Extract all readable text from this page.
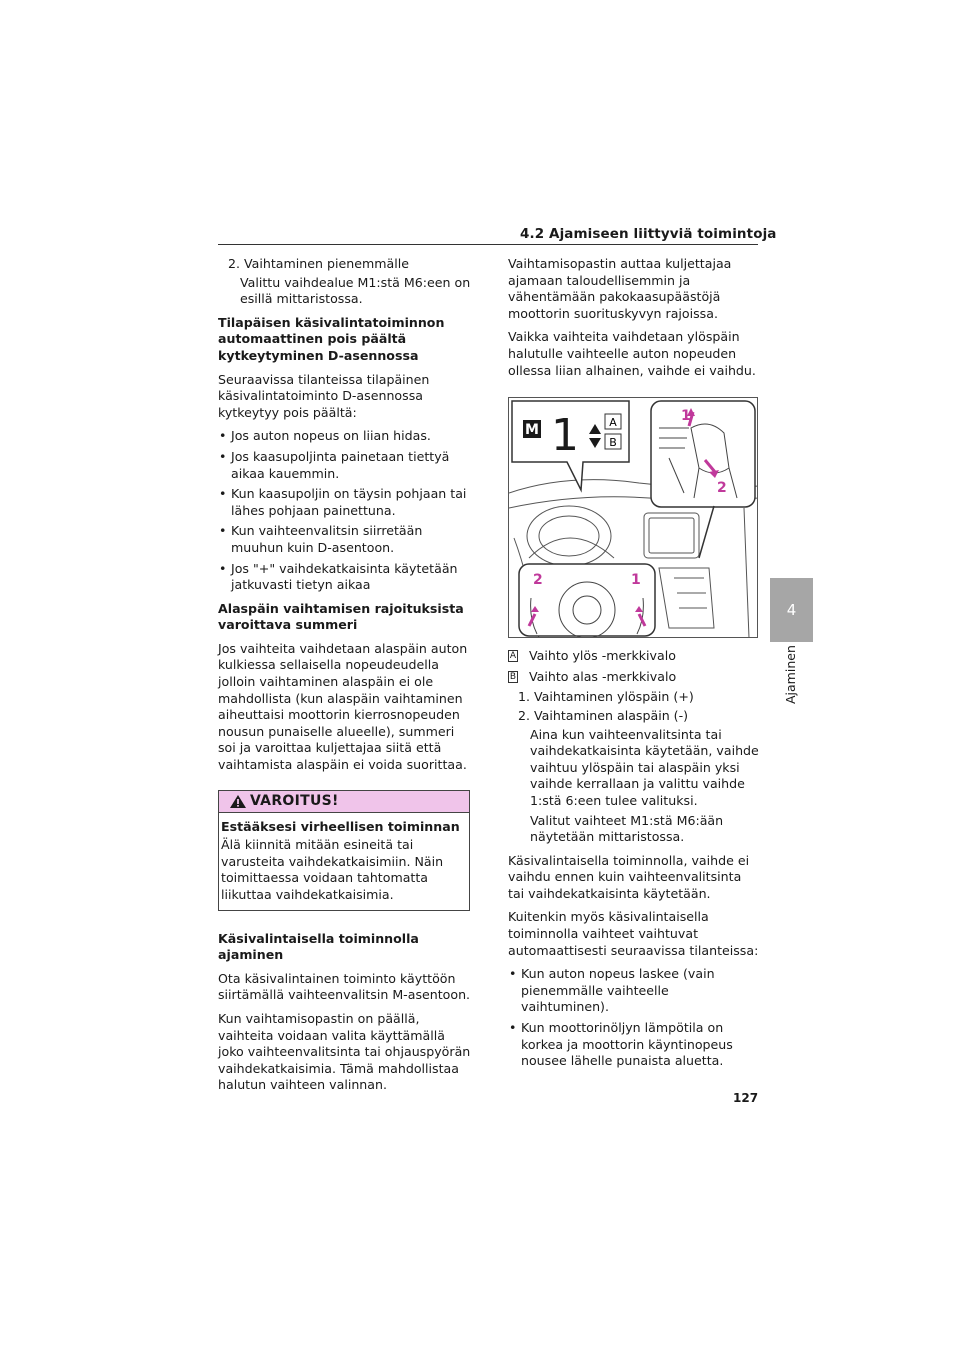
4.2 Ajamiseen liittyviä toimintoja
4
Ajaminen

2. Vaihtaminen pienemmälle

Valittu vaihdealue M1:stä M6:een on esillä mittaristossa.

Tilapäisen käsivalintatoiminnon automaattinen pois päältä kytkeytyminen D-asennossa

Seuraavissa tilanteissa tilapäinen käsivalintatoiminto D-asennossa kytkeytyy pois päältä:

• Jos auton nopeus on liian hidas.
• Jos kaasupoljinta painetaan tiettyä aikaa kauemmin.
• Kun kaasupoljin on täysin pohjaan tai lähes pohjaan painettuna.
• Kun vaihteenvalitsin siirretään muuhun kuin D-asentoon.
• Jos "+" vaihdekatkaisinta käytetään jatkuvasti tietyn aikaa

Alaspäin vaihtamisen rajoituksista varoittava summeri

Jos vaihteita vaihdetaan alaspäin auton kulkiessa sellaisella nopeudeudella jolloin vaihtaminen alaspäin ei ole mahdollista (kun alaspäin vaihtaminen aiheuttaisi moottorin kierrosnopeuden nousun punaiselle alueelle), summeri soi ja varoittaa kuljettajaa siitä että vaihtamista alaspäin ei voida suorittaa.

VAROITUS!

Estääksesi virheellisen toiminnan

Älä kiinnitä mitään esineitä tai varusteita vaihdekatkaisimiin. Näin toimittaessa voidaan tahtomatta liikuttaa vaihdekatkaisimia.

Käsivalintaisella toiminnolla ajaminen

Ota käsivalintainen toiminto käyttöön siirtämällä vaihteenvalitsin M-asentoon.

Kun vaihtamisopastin on päällä, vaihteita voidaan valita käyttämällä joko vaihteenvalitsinta tai ohjauspyörän vaihdekatkaisimia. Tämä mahdollistaa halutun vaihteen valinnan.

Vaihtamisopastin auttaa kuljettajaa ajamaan taloudellisemmin ja vähentämään pakokaasupäästöjä moottorin suorituskyvyn rajoissa.

Vaikka vaihteita vaihdetaan ylöspäin halutulle vaihteelle auton nopeuden ollessa liian alhainen, vaihde ei vaihdu.

M 1	A
B
1
2
2	1
A Vaihto ylös -merkkivalo
B Vaihto alas -merkkivalo

1. Vaihtaminen ylöspäin (+)

2. Vaihtaminen alaspäin (-)

Aina kun vaihteenvalitsinta tai vaihdekatkaisinta käytetään, vaihde vaihtuu ylöspäin tai alaspäin yksi vaihde kerrallaan ja valittu vaihde 1:stä 6:een tulee valituksi.

Valitut vaihteet M1:stä M6:ään näytetään mittaristossa.

Käsivalintaisella toiminnolla, vaihde ei vaihdu ennen kuin vaihteenvalitsinta tai vaihdekatkaisinta käytetään.

Kuitenkin myös käsivalintaisella toiminnolla vaihteet vaihtuvat automaattisesti seuraavissa tilanteissa:

• Kun auton nopeus laskee (vain pienemmälle vaihteelle vaihtuminen).
• Kun moottorinöljyn lämpötila on korkea ja moottorin käyntinopeus nousee lähelle punaista aluetta.
127
